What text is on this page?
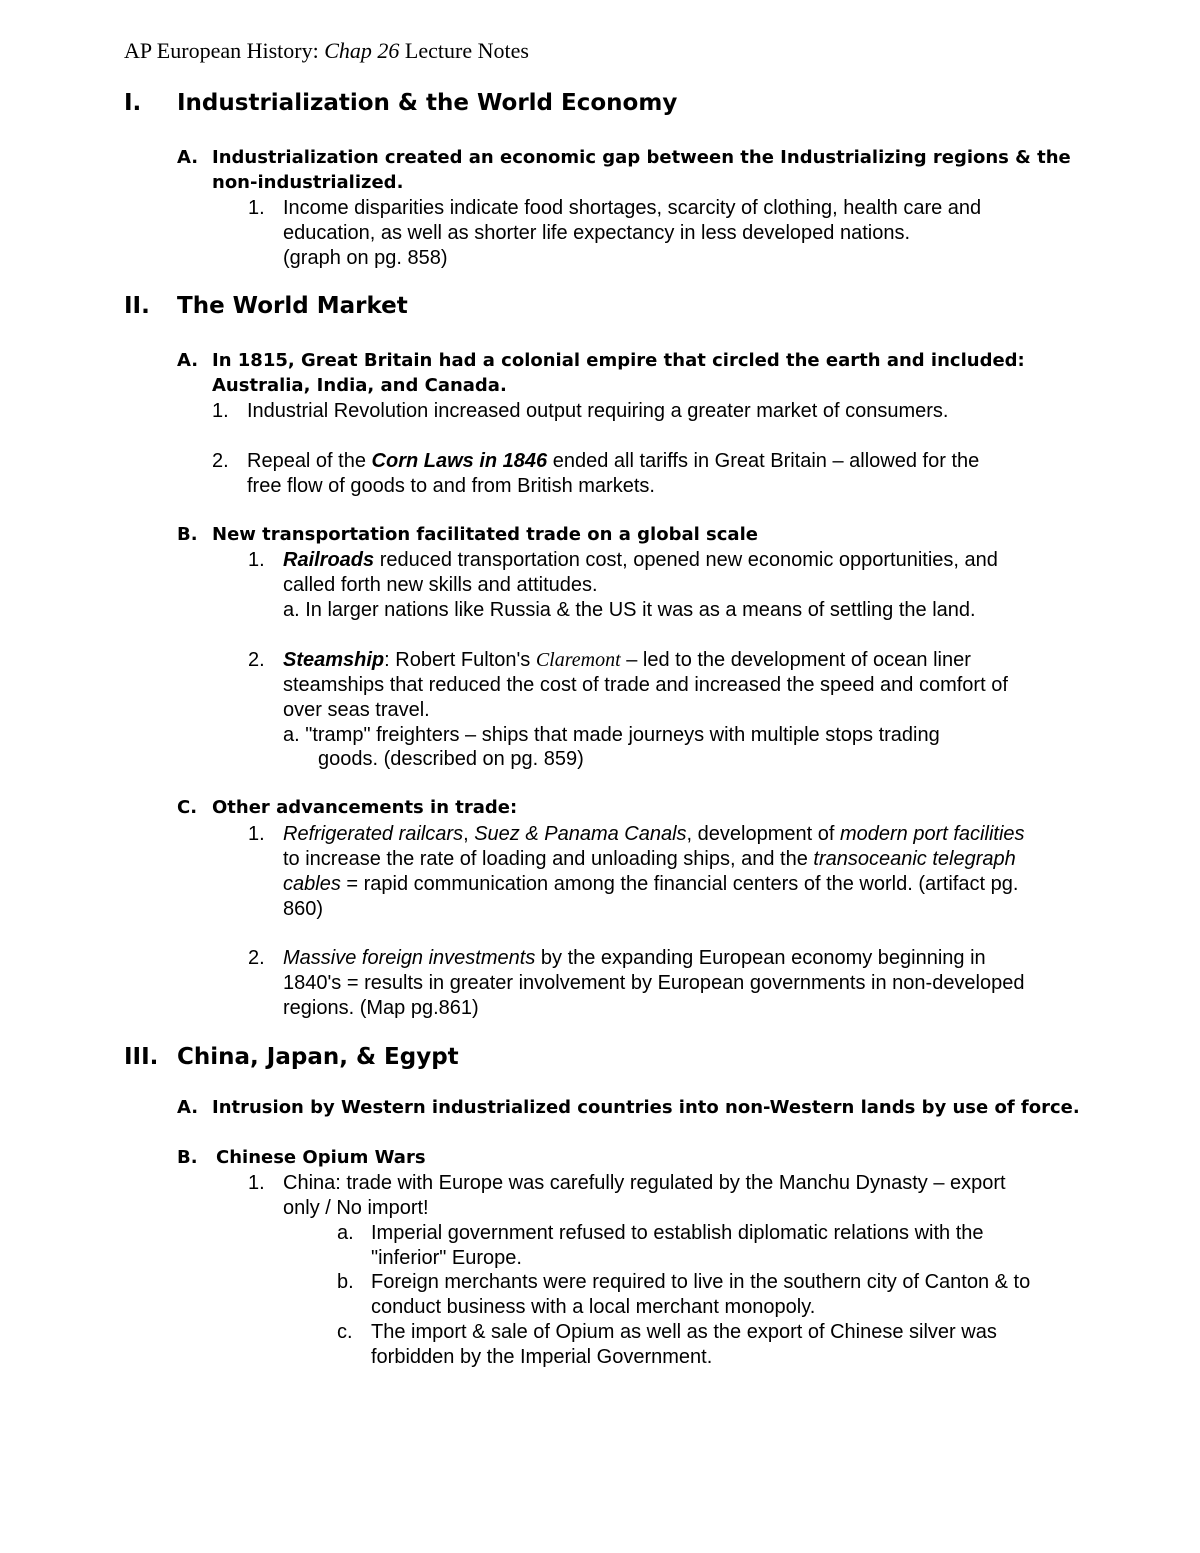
AP European History: Chap 26 Lecture Notes
I. Industrialization & the World Economy
A. Industrialization created an economic gap between the Industrializing regions & the
non-industrialized.
1. Income disparities indicate food shortages, scarcity of clothing, health care and
education, as well as shorter life expectancy in less developed nations.
(graph on pg. 858)
II. The World Market
A. In 1815, Great Britain had a colonial empire that circled the earth and included:
Australia, India, and Canada.
1. Industrial Revolution increased output requiring a greater market of consumers.
2. Repeal of the Corn Laws in 1846 ended all tariffs in Great Britain – allowed for the
free flow of goods to and from British markets.
B. New transportation facilitated trade on a global scale
1. Railroads reduced transportation cost, opened new economic opportunities, and
called forth new skills and attitudes.
a. In larger nations like Russia & the US it was as a means of settling the land.
2. Steamship: Robert Fulton's Claremont – led to the development of ocean liner
steamships that reduced the cost of trade and increased the speed and comfort of
over seas travel.
a. "tramp" freighters – ships that made journeys with multiple stops trading
goods. (described on pg. 859)
C. Other advancements in trade:
1. Refrigerated railcars, Suez & Panama Canals, development of modern port facilities
to increase the rate of loading and unloading ships, and the transoceanic telegraph
cables = rapid communication among the financial centers of the world. (artifact pg.
860)
2. Massive foreign investments by the expanding European economy beginning in
1840's = results in greater involvement by European governments in non-developed
regions. (Map pg.861)
III. China, Japan, & Egypt
A. Intrusion by Western industrialized countries into non-Western lands by use of force.
B. Chinese Opium Wars
1. China: trade with Europe was carefully regulated by the Manchu Dynasty – export
only / No import!
a. Imperial government refused to establish diplomatic relations with the
"inferior" Europe.
b. Foreign merchants were required to live in the southern city of Canton & to
conduct business with a local merchant monopoly.
c. The import & sale of Opium as well as the export of Chinese silver was
forbidden by the Imperial Government.
